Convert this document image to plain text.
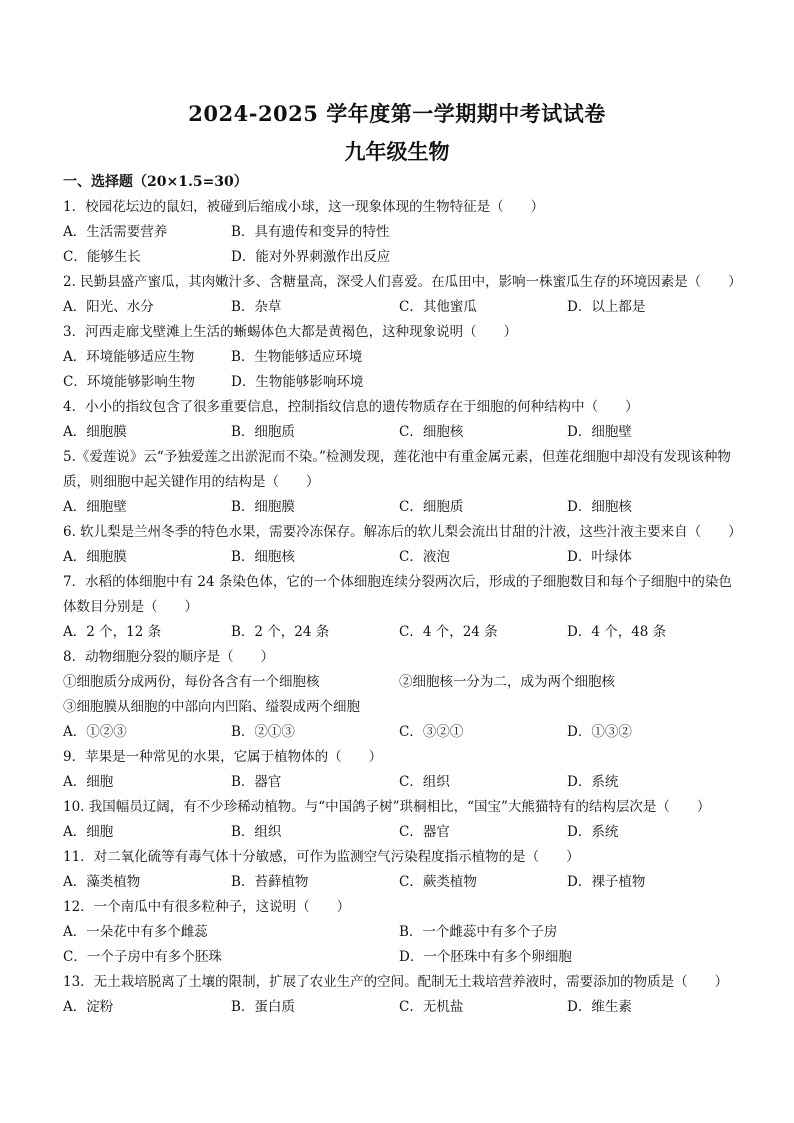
2024-2025 学年度第一学期期中考试试卷
九年级生物
一、选择题（20×1.5=30）
1．校园花坛边的鼠妇，被碰到后缩成小球，这一现象体现的生物特征是（　　）
A．生活需要营养	B．具有遗传和变异的特性
C．能够生长	D．能对外界刺激作出反应
2. 民勤县盛产蜜瓜，其肉嫩汁多、含糖量高，深受人们喜爱。在瓜田中，影响一株蜜瓜生存的环境因素是（　　）
A．阳光、水分	B．杂草	C．其他蜜瓜	D．以上都是
3．河西走廊戈壁滩上生活的蜥蜴体色大都是黄褐色，这种现象说明（　　）
A．环境能够适应生物	B．生物能够适应环境
C．环境能够影响生物	D．生物能够影响环境
4．小小的指纹包含了很多重要信息，控制指纹信息的遗传物质存在于细胞的何种结构中（　　）
A．细胞膜	B．细胞质	C．细胞核	D．细胞壁
5.《爱莲说》云“予独爱莲之出淤泥而不染。”检测发现，莲花池中有重金属元素，但莲花细胞中却没有发现该种物质，则细胞中起关键作用的结构是（　　）
A．细胞壁	B．细胞膜	C．细胞质	D．细胞核
6. 软儿梨是兰州冬季的特色水果，需要冷冻保存。解冻后的软儿梨会流出甘甜的汁液，这些汁液主要来自（　　）
A．细胞膜	B．细胞核	C．液泡	D．叶绿体
7．水稻的体细胞中有 24 条染色体，它的一个体细胞连续分裂两次后，形成的子细胞数目和每个子细胞中的染色体数目分别是（　　）
A．2 个，12 条	B．2 个，24 条	C．4 个，24 条	D．4 个，48 条
8．动物细胞分裂的顺序是（　　）
①细胞质分成两份，每份各含有一个细胞核	②细胞核一分为二，成为两个细胞核
③细胞膜从细胞的中部向内凹陷、缢裂成两个细胞
A．①②③	B．②①③	C．③②①	D．①③②
9．苹果是一种常见的水果，它属于植物体的（　　）
A．细胞	B．器官	C．组织	D．系统
10. 我国幅员辽阔，有不少珍稀动植物。与“中国鸽子树”珙桐相比，“国宝”大熊猫特有的结构层次是（　　）
A．细胞	B．组织	C．器官	D．系统
11．对二氧化硫等有毒气体十分敏感，可作为监测空气污染程度指示植物的是（　　）
A．藻类植物	B．苔藓植物	C．蕨类植物	D．裸子植物
12．一个南瓜中有很多粒种子，这说明（　　）
A．一朵花中有多个雌蕊	B．一个雌蕊中有多个子房
C．一个子房中有多个胚珠	D．一个胚珠中有多个卵细胞
13．无土栽培脱离了土壤的限制，扩展了农业生产的空间。配制无土栽培营养液时，需要添加的物质是（　　）
A．淀粉	B．蛋白质	C．无机盐	D．维生素
